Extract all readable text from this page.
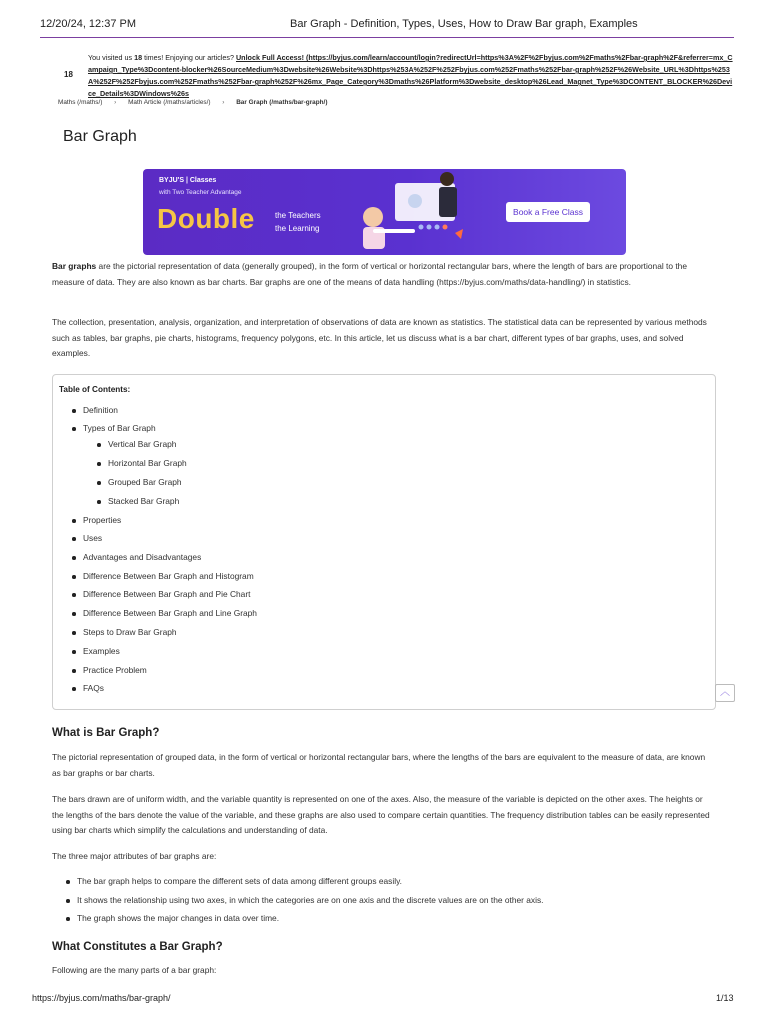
12/20/24, 12:37 PM	Bar Graph - Definition, Types, Uses, How to Draw Bar graph, Examples
18
You visited us 18 times! Enjoying our articles? Unlock Full Access! (https://byjus.com/learn/account/login?redirectUrl=https%3A%2F%2Fbyjus.com%2Fmaths%2Fbar-graph%2F&referrer=mx_Campaign_Type%3Dcontent-blocker%26SourceMedium%3Dwebsite%26Website%3Dhttps%253A%252F%252Fbyjus.com%252Fmaths%252Fbar-graph%252F%26Website_URL%3Dhttps%253A%252F%252Fbyjus.com%252Fmaths%252Fbar-graph%252F%26mx_Page_Category%3Dmaths%26Platform%3Dwebsite_desktop%26Lead_Magnet_Type%3DCONTENT_BLOCKER%26Device_Details%3DWindows%26s
Maths (/maths/) › Math Article (/maths/articles/) › Bar Graph (/maths/bar-graph/)
Bar Graph
BYJU'S | Classes
with Two Teacher Advantage
Double	the Teachers
the Learning
Book a Free Class
Bar graphs are the pictorial representation of data (generally grouped), in the form of vertical or horizontal rectangular bars, where the length of bars are proportional to the measure of data. They are also known as bar charts. Bar graphs are one of the means of data handling (https://byjus.com/maths/data-handling/) in statistics.
The collection, presentation, analysis, organization, and interpretation of observations of data are known as statistics. The statistical data can be represented by various methods such as tables, bar graphs, pie charts, histograms, frequency polygons, etc. In this article, let us discuss what is a bar chart, different types of bar graphs, uses, and solved examples.
Table of Contents:
Definition
Types of Bar Graph
Vertical Bar Graph
Horizontal Bar Graph
Grouped Bar Graph
Stacked Bar Graph
Properties
Uses
Advantages and Disadvantages
Difference Between Bar Graph and Histogram
Difference Between Bar Graph and Pie Chart
Difference Between Bar Graph and Line Graph
Steps to Draw Bar Graph
Examples
Practice Problem
FAQs	︿
What is Bar Graph?
The pictorial representation of grouped data, in the form of vertical or horizontal rectangular bars, where the lengths of the bars are equivalent to the measure of data, are known as bar graphs or bar charts.
The bars drawn are of uniform width, and the variable quantity is represented on one of the axes. Also, the measure of the variable is depicted on the other axes. The heights or the lengths of the bars denote the value of the variable, and these graphs are also used to compare certain quantities. The frequency distribution tables can be easily represented using bar charts which simplify the calculations and understanding of data.
The three major attributes of bar graphs are:
The bar graph helps to compare the different sets of data among different groups easily.
It shows the relationship using two axes, in which the categories are on one axis and the discrete values are on the other axis.
The graph shows the major changes in data over time.
What Constitutes a Bar Graph?
Following are the many parts of a bar graph:
https://byjus.com/maths/bar-graph/	1/13
